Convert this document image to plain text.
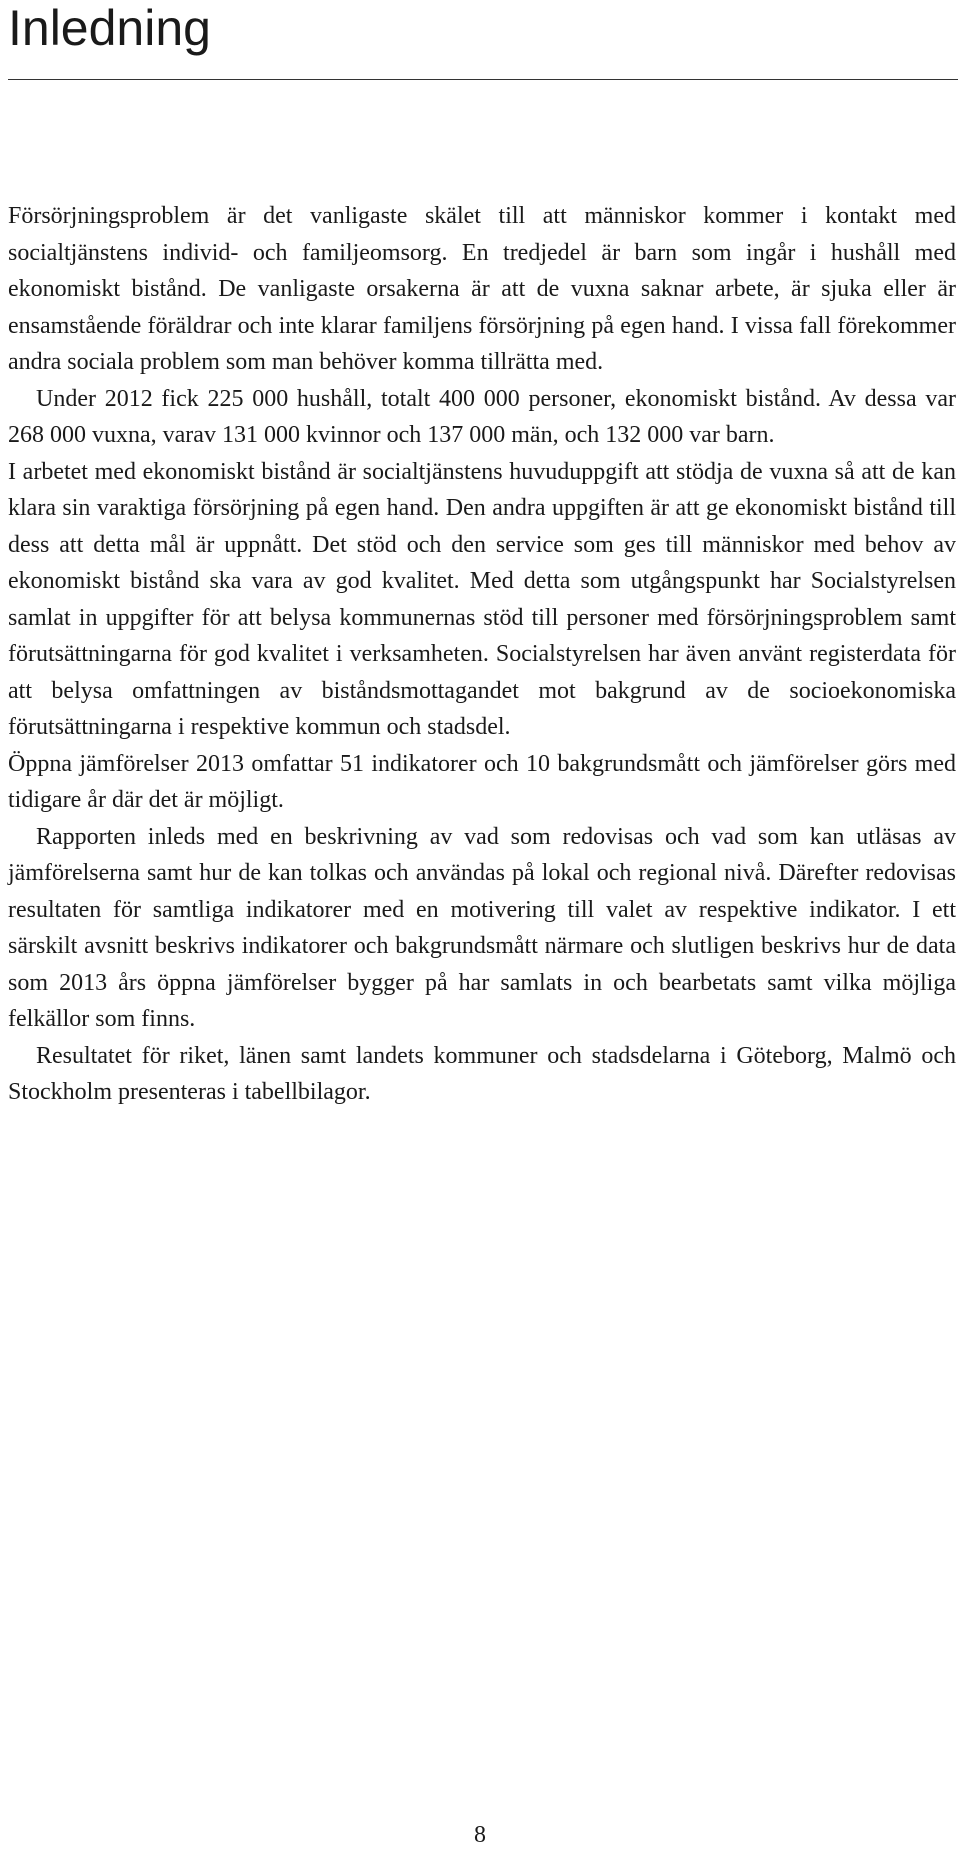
Inledning

Försörjningsproblem är det vanligaste skälet till att människor kommer i kontakt med socialtjänstens individ- och familjeomsorg. En tredjedel är barn som ingår i hushåll med ekonomiskt bistånd. De vanligaste orsakerna är att de vuxna saknar arbete, är sjuka eller är ensamstående föräldrar och inte klarar familjens försörjning på egen hand. I vissa fall förekommer andra sociala problem som man behöver komma tillrätta med.

Under 2012 fick 225 000 hushåll, totalt 400 000 personer, ekonomiskt bistånd. Av dessa var 268 000 vuxna, varav 131 000 kvinnor och 137 000 män, och 132 000 var barn.

I arbetet med ekonomiskt bistånd är socialtjänstens huvuduppgift att stödja de vuxna så att de kan klara sin varaktiga försörjning på egen hand. Den andra uppgiften är att ge ekonomiskt bistånd till dess att detta mål är uppnått. Det stöd och den service som ges till människor med behov av ekonomiskt bistånd ska vara av god kvalitet. Med detta som utgångspunkt har Socialstyrelsen samlat in uppgifter för att belysa kommunernas stöd till personer med försörjningsproblem samt förutsättningarna för god kvalitet i verksamheten. Socialstyrelsen har även använt registerdata för att belysa omfattningen av biståndsmottagandet mot bakgrund av de socioekonomiska förutsättningarna i respektive kommun och stadsdel.

Öppna jämförelser 2013 omfattar 51 indikatorer och 10 bakgrundsmått och jämförelser görs med tidigare år där det är möjligt.

Rapporten inleds med en beskrivning av vad som redovisas och vad som kan utläsas av jämförelserna samt hur de kan tolkas och användas på lokal och regional nivå. Därefter redovisas resultaten för samtliga indikatorer med en motivering till valet av respektive indikator. I ett särskilt avsnitt beskrivs indikatorer och bakgrundsmått närmare och slutligen beskrivs hur de data som 2013 års öppna jämförelser bygger på har samlats in och bearbetats samt vilka möjliga felkällor som finns.

Resultatet för riket, länen samt landets kommuner och stadsdelarna i Göteborg, Malmö och Stockholm presenteras i tabellbilagor.

8
